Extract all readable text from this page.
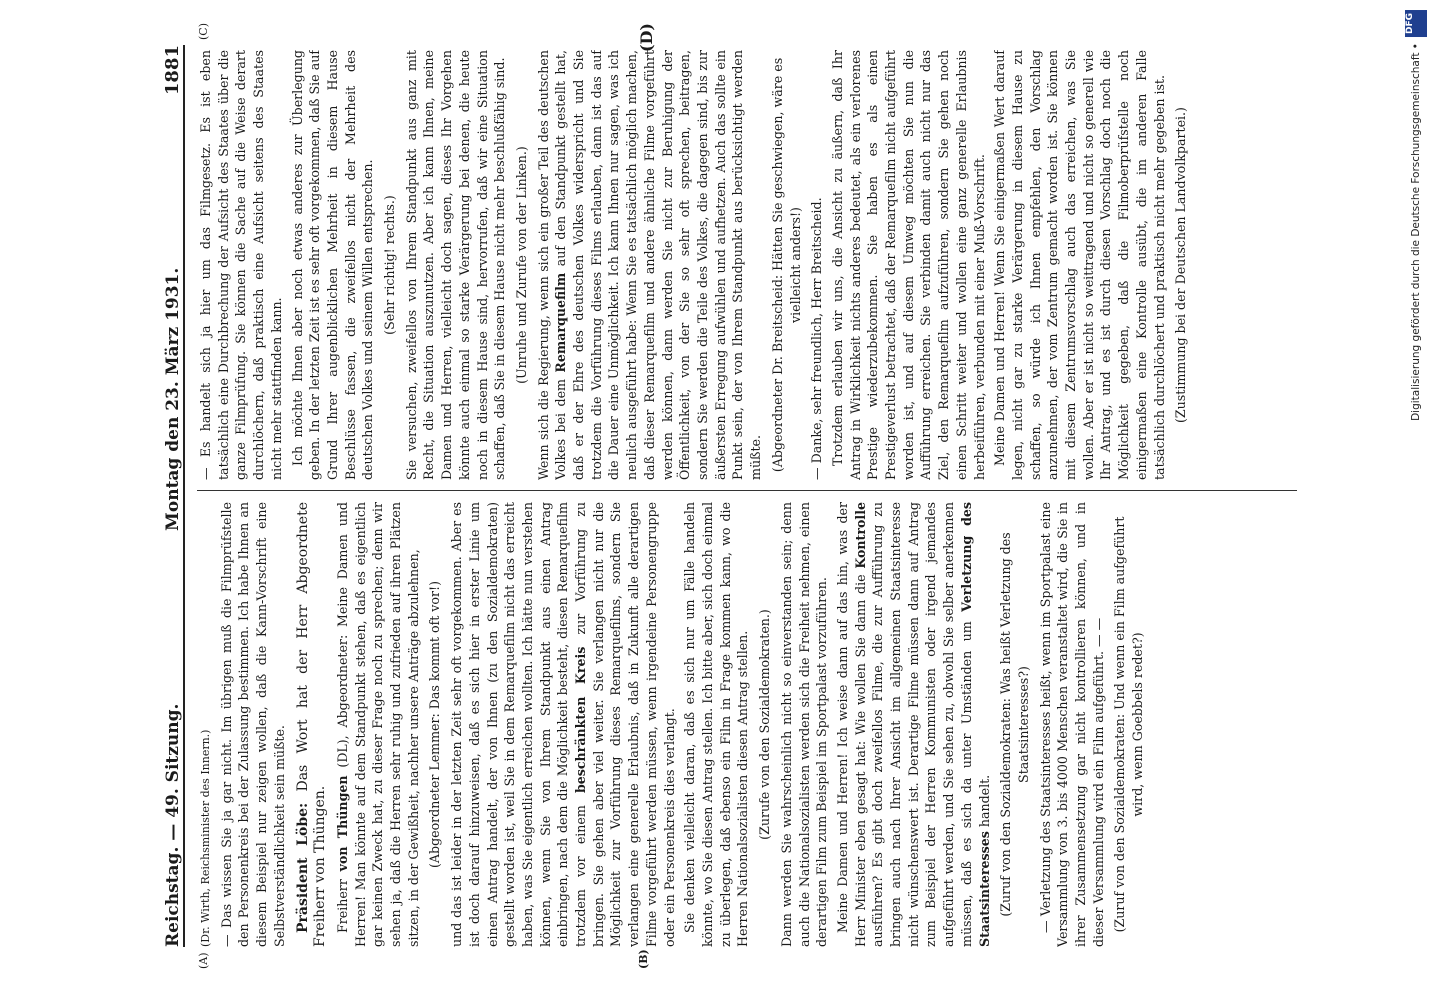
Reichstag. — 49. Sitzung.
Montag den 23. März 1931.
1881
(A)	(B)
(C)	(D)

(Dr. Wirth, Reichsminister des Innern.) — Das wissen Sie ja gar nicht. Im übrigen muß die Filmprüfstelle den Personenkreis bei der Zulassung bestimmen. Ich habe Ihnen an diesem Beispiel nur zeigen wollen, daß die Kann-Vorschrift eine Selbstverständlichkeit sein müßte. Präsident Löbe: Das Wort hat der Herr Abgeordnete Freiherr von Thüngen. Freiherr von Thüngen (DL), Abgeordneter: Meine Damen und Herren! Man könnte auf dem Standpunkt stehen, daß es eigentlich gar keinen Zweck hat, zu dieser Frage noch zu sprechen; denn wir sehen ja, daß die Herren sehr ruhig und zufrieden auf ihren Plätzen sitzen, in der Gewißheit, nachher unsere Anträge abzulehnen, (Abgeordneter Lemmer: Das kommt oft vor!) und das ist leider in der letzten Zeit sehr oft vorgekommen. Aber es ist doch darauf hinzuweisen, daß es sich hier in erster Linie um einen Antrag handelt, der von Ihnen (zu den Sozialdemokraten) gestellt worden ist, weil Sie in dem Remarquefilm nicht das erreicht haben, was Sie eigentlich erreichen wollten. Ich hätte nun verstehen können, wenn Sie von Ihrem Standpunkt aus einen Antrag einbringen, nach dem die Möglichkeit besteht, diesen Remarquefilm trotzdem vor einem beschränkten Kreis zur Vorführung zu bringen. Sie gehen aber viel weiter. Sie verlangen nicht nur die Möglichkeit zur Vorführung dieses Remarquefilms, sondern Sie verlangen eine generelle Erlaubnis, daß in Zukunft alle derartigen Filme vorgeführt werden müssen, wenn irgendeine Personengruppe oder ein Personenkreis dies verlangt. Sie denken vielleicht daran, daß es sich nur um Fälle handeln könnte, wo Sie diesen Antrag stellen. Ich bitte aber, sich doch einmal zu überlegen, daß ebenso ein Film in Frage kommen kann, wo die Herren Nationalsozialisten diesen Antrag stellen. (Zurufe von den Sozialdemokraten.) Dann werden Sie wahrscheinlich nicht so einverstanden sein; denn auch die Nationalsozialisten werden sich die Freiheit nehmen, einen derartigen Film zum Beispiel im Sportpalast vorzuführen. Meine Damen und Herren! Ich weise dann auf das hin, was der Herr Minister eben gesagt hat: Wie wollen Sie dann die Kontrolle ausführen? Es gibt doch zweifellos Filme, die zur Aufführung zu bringen auch nach Ihrer Ansicht im allgemeinen Staatsinteresse nicht wünschenswert ist. Derartige Filme müssen dann auf Antrag zum Beispiel der Herren Kommunisten oder irgend jemandes aufgeführt werden, und Sie sehen zu, obwohl Sie selber anerkennen müssen, daß es sich da unter Umständen um Verletzung des Staatsinteresses handelt. (Zuruf von den Sozialdemokraten: Was heißt Verletzung des Staatsinteresses?) — Verletzung des Staatsinteresses heißt, wenn im Sportpalast eine Versammlung von 3. bis 4000 Menschen veranstaltet wird, die Sie in ihrer Zusammensetzung gar nicht kontrollieren können, und in dieser Versammlung wird ein Film aufgeführt. — — (Zuruf von den Sozialdemokraten: Und wenn ein Film aufgeführt wird, wenn Goebbels redet?)

— Es handelt sich ja hier um das Filmgesetz. Es ist eben tatsächlich eine Durchbrechung der Aufsicht des Staates über die ganze Filmprüfung. Sie können die Sache auf die Weise derart durchlöchern, daß praktisch eine Aufsicht seitens des Staates nicht mehr stattfinden kann. Ich möchte Ihnen aber noch etwas anderes zur Überlegung geben. In der letzten Zeit ist es sehr oft vorgekommen, daß Sie auf Grund Ihrer augenblicklichen Mehrheit in diesem Hause Beschlüsse fassen, die zweifellos nicht der Mehrheit des deutschen Volkes und seinem Willen entsprechen. (Sehr richtig! rechts.) Sie versuchen, zweifellos von Ihrem Standpunkt aus ganz mit Recht, die Situation auszunutzen. Aber ich kann Ihnen, meine Damen und Herren, vielleicht doch sagen, dieses Ihr Vorgehen könnte auch einmal so starke Verärgerung bei denen, die heute noch in diesem Hause sind, hervorrufen, daß wir eine Situation schaffen, daß Sie in diesem Hause nicht mehr beschlußfähig sind. (Unruhe und Zurufe von der Linken.) Wenn sich die Regierung, wenn sich ein großer Teil des deutschen Volkes bei dem Remarquefilm auf den Standpunkt gestellt hat, daß er der Ehre des deutschen Volkes widerspricht und Sie trotzdem die Vorführung dieses Films erlauben, dann ist das auf die Dauer eine Unmöglichkeit. Ich kann Ihnen nur sagen, was ich neulich ausgeführt habe: Wenn Sie es tatsächlich möglich machen, daß dieser Remarquefilm und andere ähnliche Filme vorgeführt werden können, dann werden Sie nicht zur Beruhigung der Öffentlichkeit, von der Sie so sehr oft sprechen, beitragen, sondern Sie werden die Teile des Volkes, die dagegen sind, bis zur äußersten Erregung aufwühlen und aufhetzen. Auch das sollte ein Punkt sein, der von Ihrem Standpunkt aus berücksichtigt werden müßte. (Abgeordneter Dr. Breitscheid: Hätten Sie geschwiegen, wäre es vielleicht anders!) — Danke, sehr freundlich, Herr Breitscheid. Trotzdem erlauben wir uns, die Ansicht zu äußern, daß Ihr Antrag in Wirklichkeit nichts anderes bedeutet, als ein verlorenes Prestige wiederzubekommen. Sie haben es als einen Prestigeverlust betrachtet, daß der Remarquefilm nicht aufgeführt worden ist, und auf diesem Umweg möchten Sie nun die Aufführung erreichen. Sie verbinden damit auch nicht nur das Ziel, den Remarquefilm aufzuführen, sondern Sie gehen noch einen Schritt weiter und wollen eine ganz generelle Erlaubnis herbeiführen, verbunden mit einer Muß-Vorschrift. Meine Damen und Herren! Wenn Sie einigermaßen Wert darauf legen, nicht gar zu starke Verärgerung in diesem Hause zu schaffen, so würde ich Ihnen empfehlen, den Vorschlag anzunehmen, der vom Zentrum gemacht worden ist. Sie können mit diesem Zentrumsvorschlag auch das erreichen, was Sie wollen. Aber er ist nicht so weittragend und nicht so generell wie Ihr Antrag, und es ist durch diesen Vorschlag doch noch die Möglichkeit gegeben, daß die Filmoberprüfstelle noch einigermaßen eine Kontrolle ausübt, die im anderen Falle tatsächlich durchlöchert und praktisch nicht mehr gegeben ist. (Zustimmung bei der Deutschen Landvolkpartei.)

DFG
Digitalisierung gefördert durch die Deutsche Forschungsgemeinschaft •
